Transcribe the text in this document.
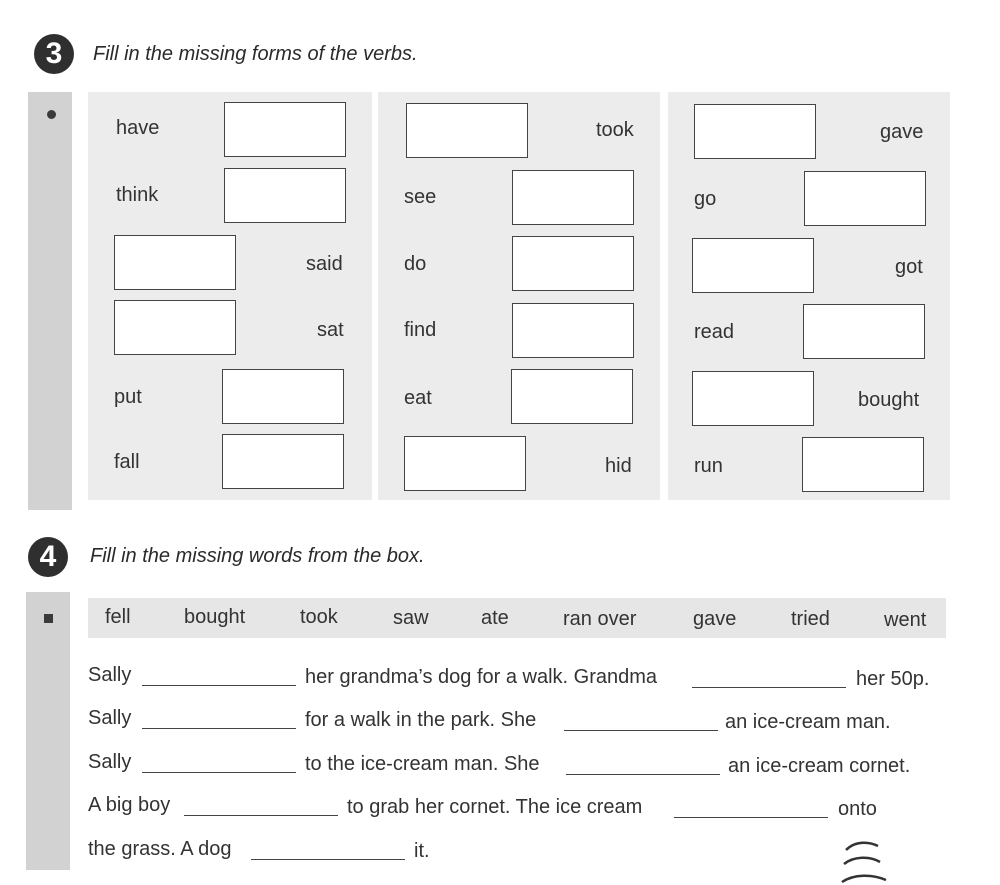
3	Fill in the missing forms of the verbs.
have
think
said
sat
put
fall
took
see
do
find
eat
hid
gave
go
got
read
bought
run
4	Fill in the missing words from the box.
fell	bought	took	saw	ate	ran over	gave	tried	went
Sally	her grandma’s dog for a walk. Grandma	her 50p.
Sally	for a walk in the park. She	an ice-cream man.
Sally	to the ice-cream man. She	an ice-cream cornet.
A big boy	to grab her cornet. The ice cream	onto
the grass. A dog	it.
